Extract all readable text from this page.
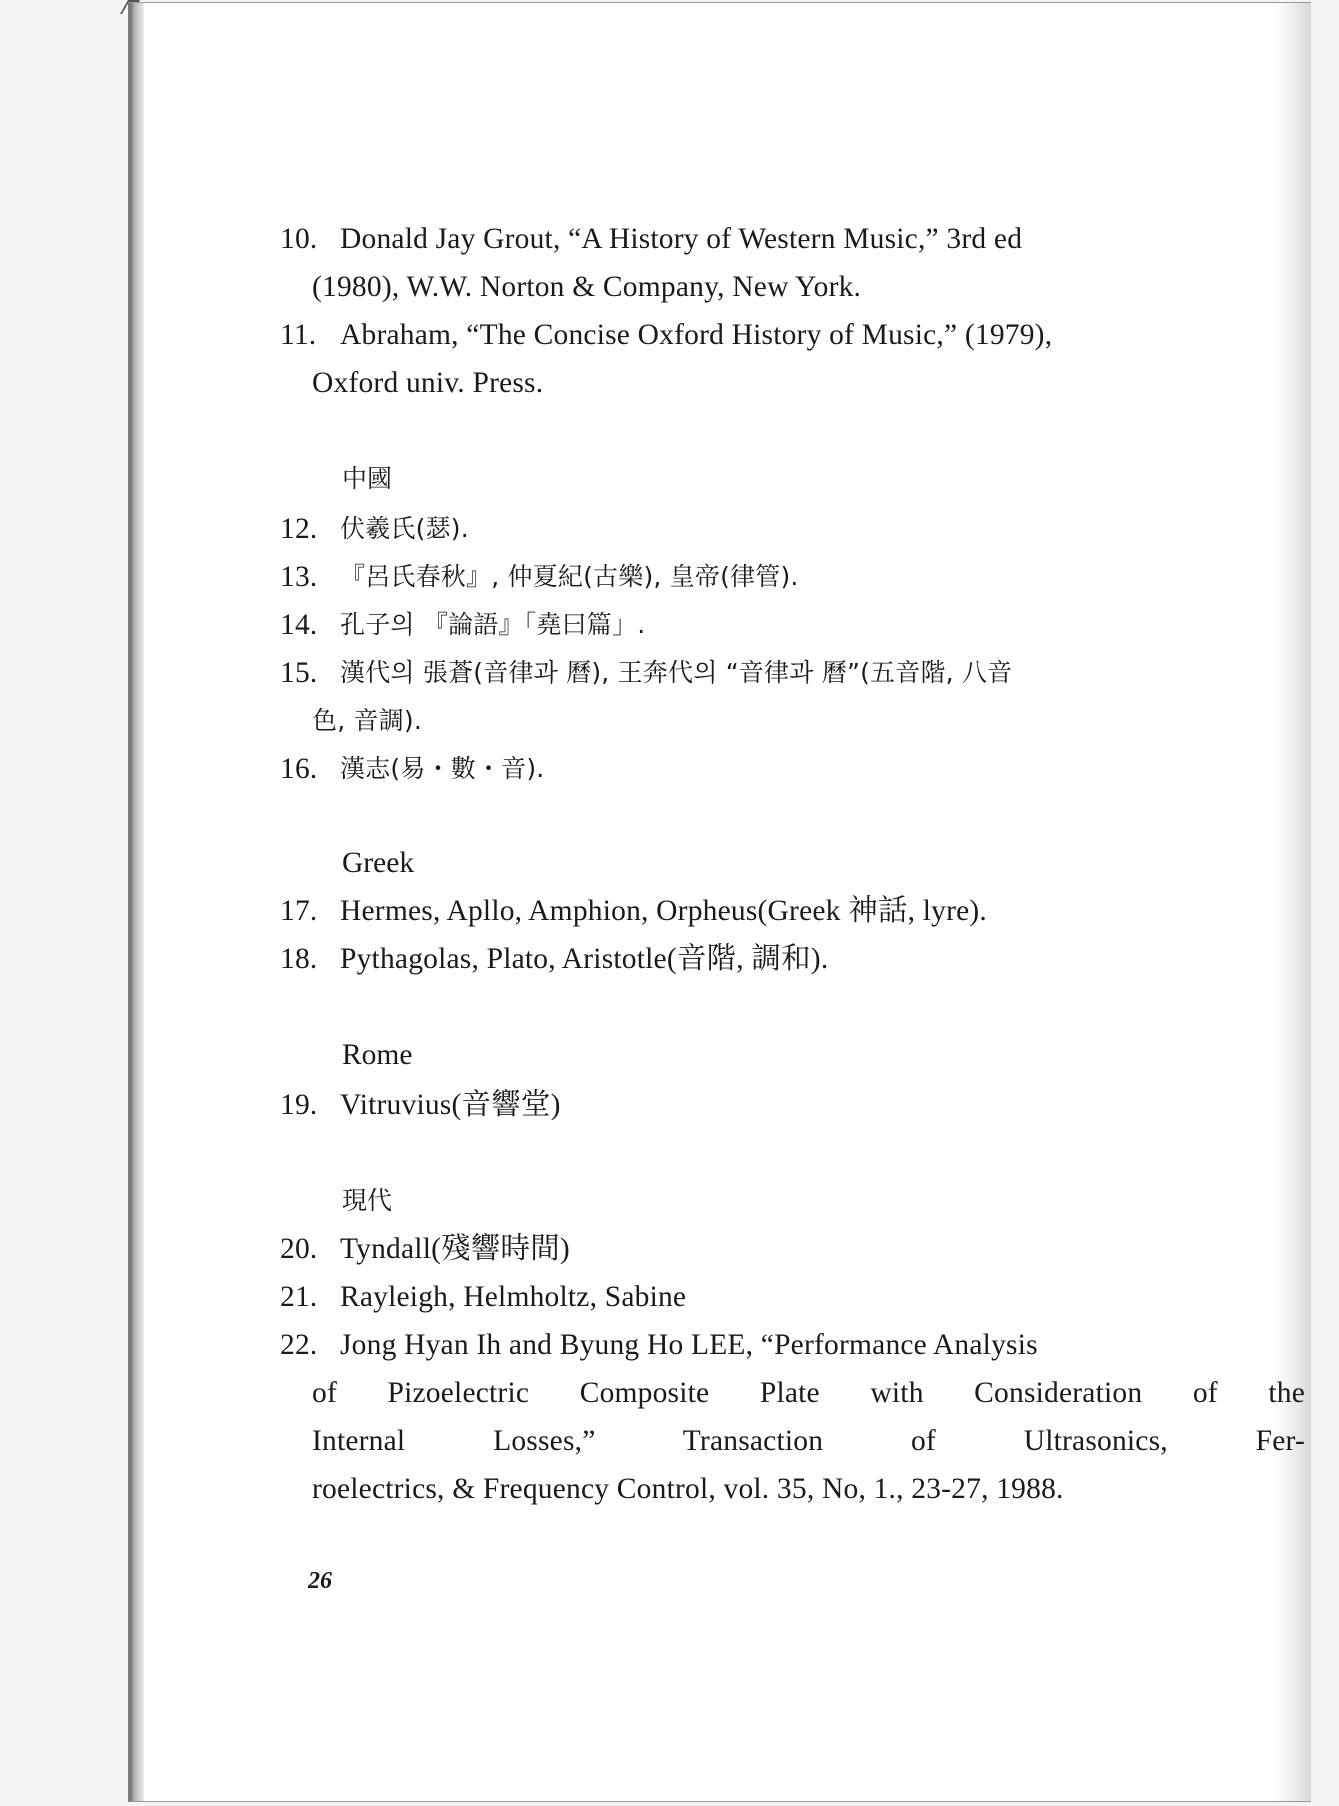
10. Donald Jay Grout, “A History of Western Music,” 3rd ed
(1980), W.W. Norton & Company, New York.
11. Abraham, “The Concise Oxford History of Music,” (1979),
Oxford univ. Press.
中國
12. 伏羲氏(瑟).
13. 『呂氏春秋』, 仲夏紀(古樂), 皇帝(律管).
14. 孔子의 『論語』「堯曰篇」.
15. 漢代의 張蒼(音律과 曆), 王奔代의 “音律과 曆”(五音階, 八音
色, 音調).
16. 漢志(易・數・音).
Greek
17. Hermes, Apllo, Amphion, Orpheus(Greek 神話, lyre).
18. Pythagolas, Plato, Aristotle(音階, 調和).
Rome
19. Vitruvius(音響堂)
現代
20. Tyndall(殘響時間)
21. Rayleigh, Helmholtz, Sabine
22. Jong Hyan Ih and Byung Ho LEE, “Performance Analysis
of Pizoelectric Composite Plate with Consideration of the
Internal Losses,” Transaction of Ultrasonics, Fer-
roelectrics, & Frequency Control, vol. 35, No, 1., 23-27, 1988.
26
